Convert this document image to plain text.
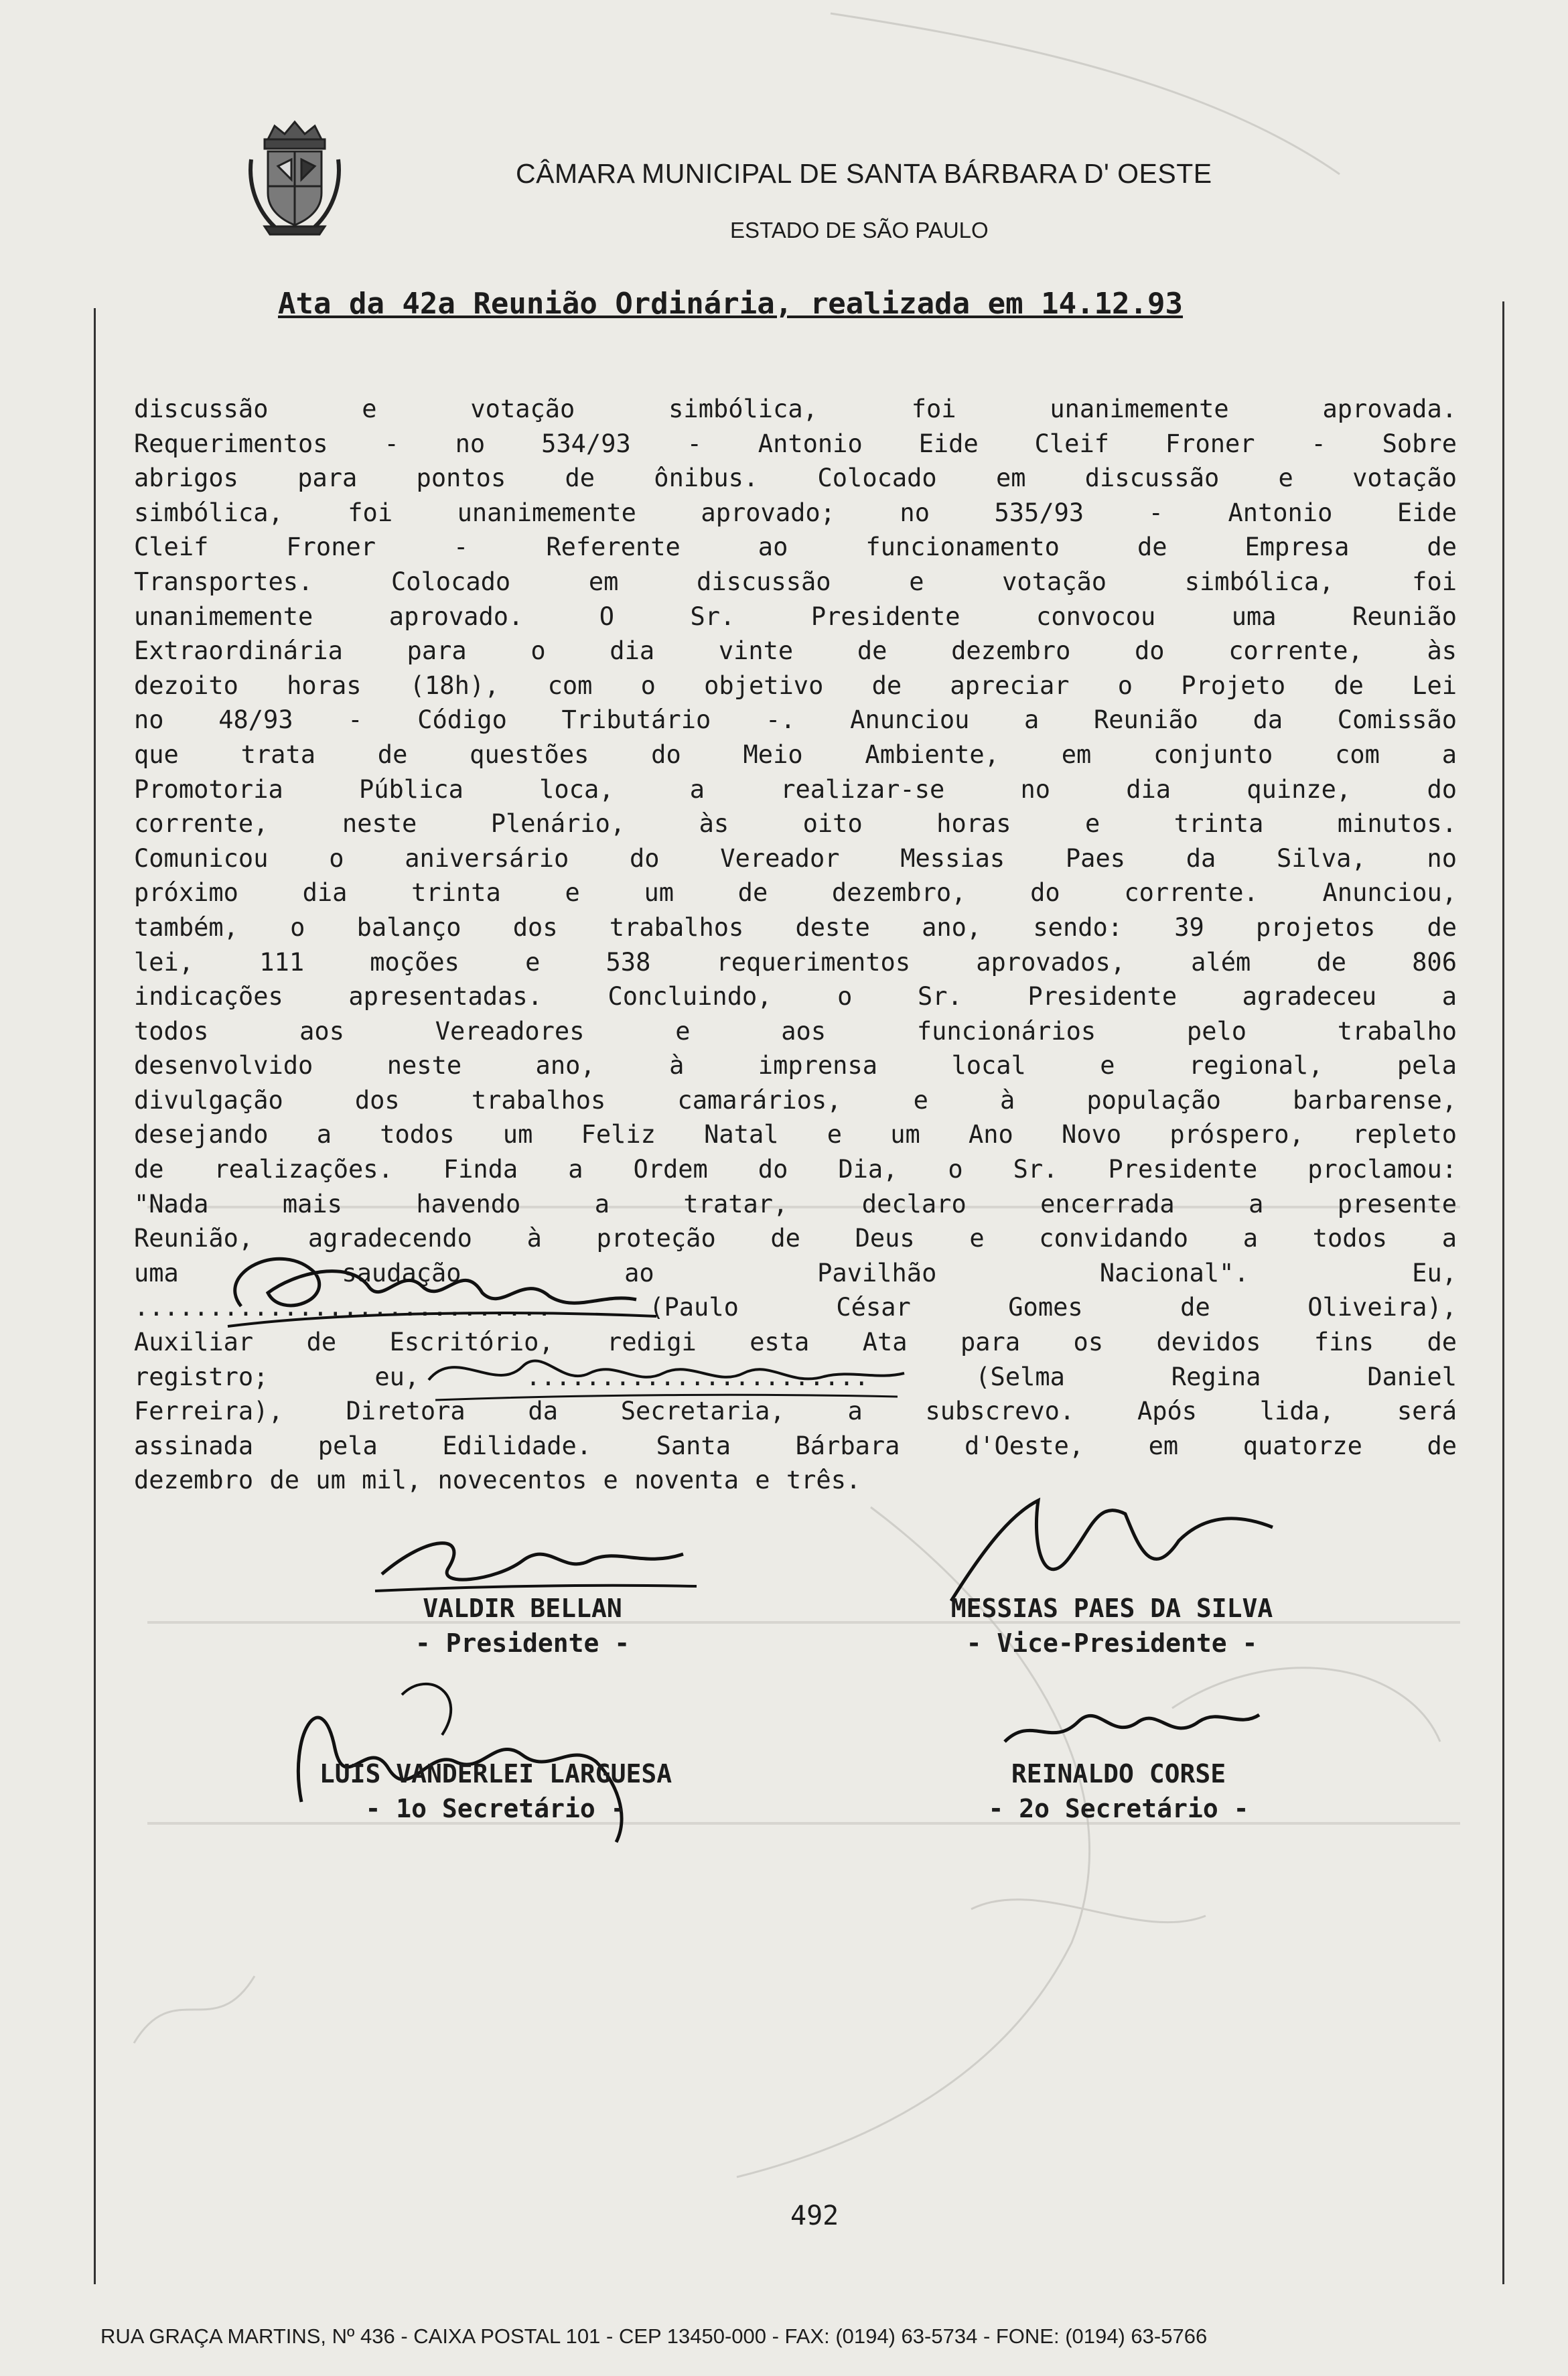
CÂMARA MUNICIPAL DE SANTA BÁRBARA D' OESTE
ESTADO DE SÃO PAULO
Ata da 42a Reunião Ordinária, realizada em 14.12.93
discussão e votação simbólica, foi unanimemente aprovada.
Requerimentos - no 534/93 - Antonio Eide Cleif Froner - Sobre
abrigos para pontos de ônibus. Colocado em discussão e votação
simbólica, foi unanimemente aprovado; no 535/93 - Antonio Eide
Cleif Froner - Referente ao funcionamento de Empresa de
Transportes. Colocado em discussão e votação simbólica, foi
unanimemente aprovado. O Sr. Presidente convocou uma Reunião
Extraordinária para o dia vinte de dezembro do corrente, às
dezoito horas (18h), com o objetivo de apreciar o Projeto de Lei
no 48/93 - Código Tributário -. Anunciou a Reunião da Comissão
que trata de questões do Meio Ambiente, em conjunto com a
Promotoria Pública loca, a realizar-se no dia quinze, do
corrente, neste Plenário, às oito horas e trinta minutos.
Comunicou o aniversário do Vereador Messias Paes da Silva, no
próximo dia trinta e um de dezembro, do corrente. Anunciou,
também, o balanço dos trabalhos deste ano, sendo: 39 projetos de
lei, 111 moções e 538 requerimentos aprovados, além de 806
indicações apresentadas. Concluindo, o Sr. Presidente agradeceu a
todos aos Vereadores e aos funcionários pelo trabalho
desenvolvido neste ano, à imprensa local e regional, pela
divulgação dos trabalhos camarários, e à população barbarense,
desejando a todos um Feliz Natal e um Ano Novo próspero, repleto
de realizações. Finda a Ordem do Dia, o Sr. Presidente proclamou:
"Nada mais havendo a tratar, declaro encerrada a presente
Reunião, agradecendo à proteção de Deus e convidando a todos a
uma saudação ao Pavilhão Nacional". Eu,
............................ (Paulo César Gomes de Oliveira),
Auxiliar de Escritório, redigi esta Ata para os devidos fins de
registro; eu, ....................... (Selma Regina Daniel
Ferreira), Diretora da Secretaria, a subscrevo. Após lida, será
assinada pela Edilidade. Santa Bárbara d'Oeste, em quatorze de
dezembro de um mil, novecentos e noventa e três.
VALDIR BELLAN
- Presidente -
MESSIAS PAES DA SILVA
- Vice-Presidente -
LUIS VANDERLEI LARGUESA
- 1o Secretário -
REINALDO CORSE
- 2o Secretário -
492
RUA GRAÇA MARTINS, Nº 436 - CAIXA POSTAL 101 - CEP 13450-000 - FAX: (0194) 63-5734 - FONE: (0194) 63-5766
